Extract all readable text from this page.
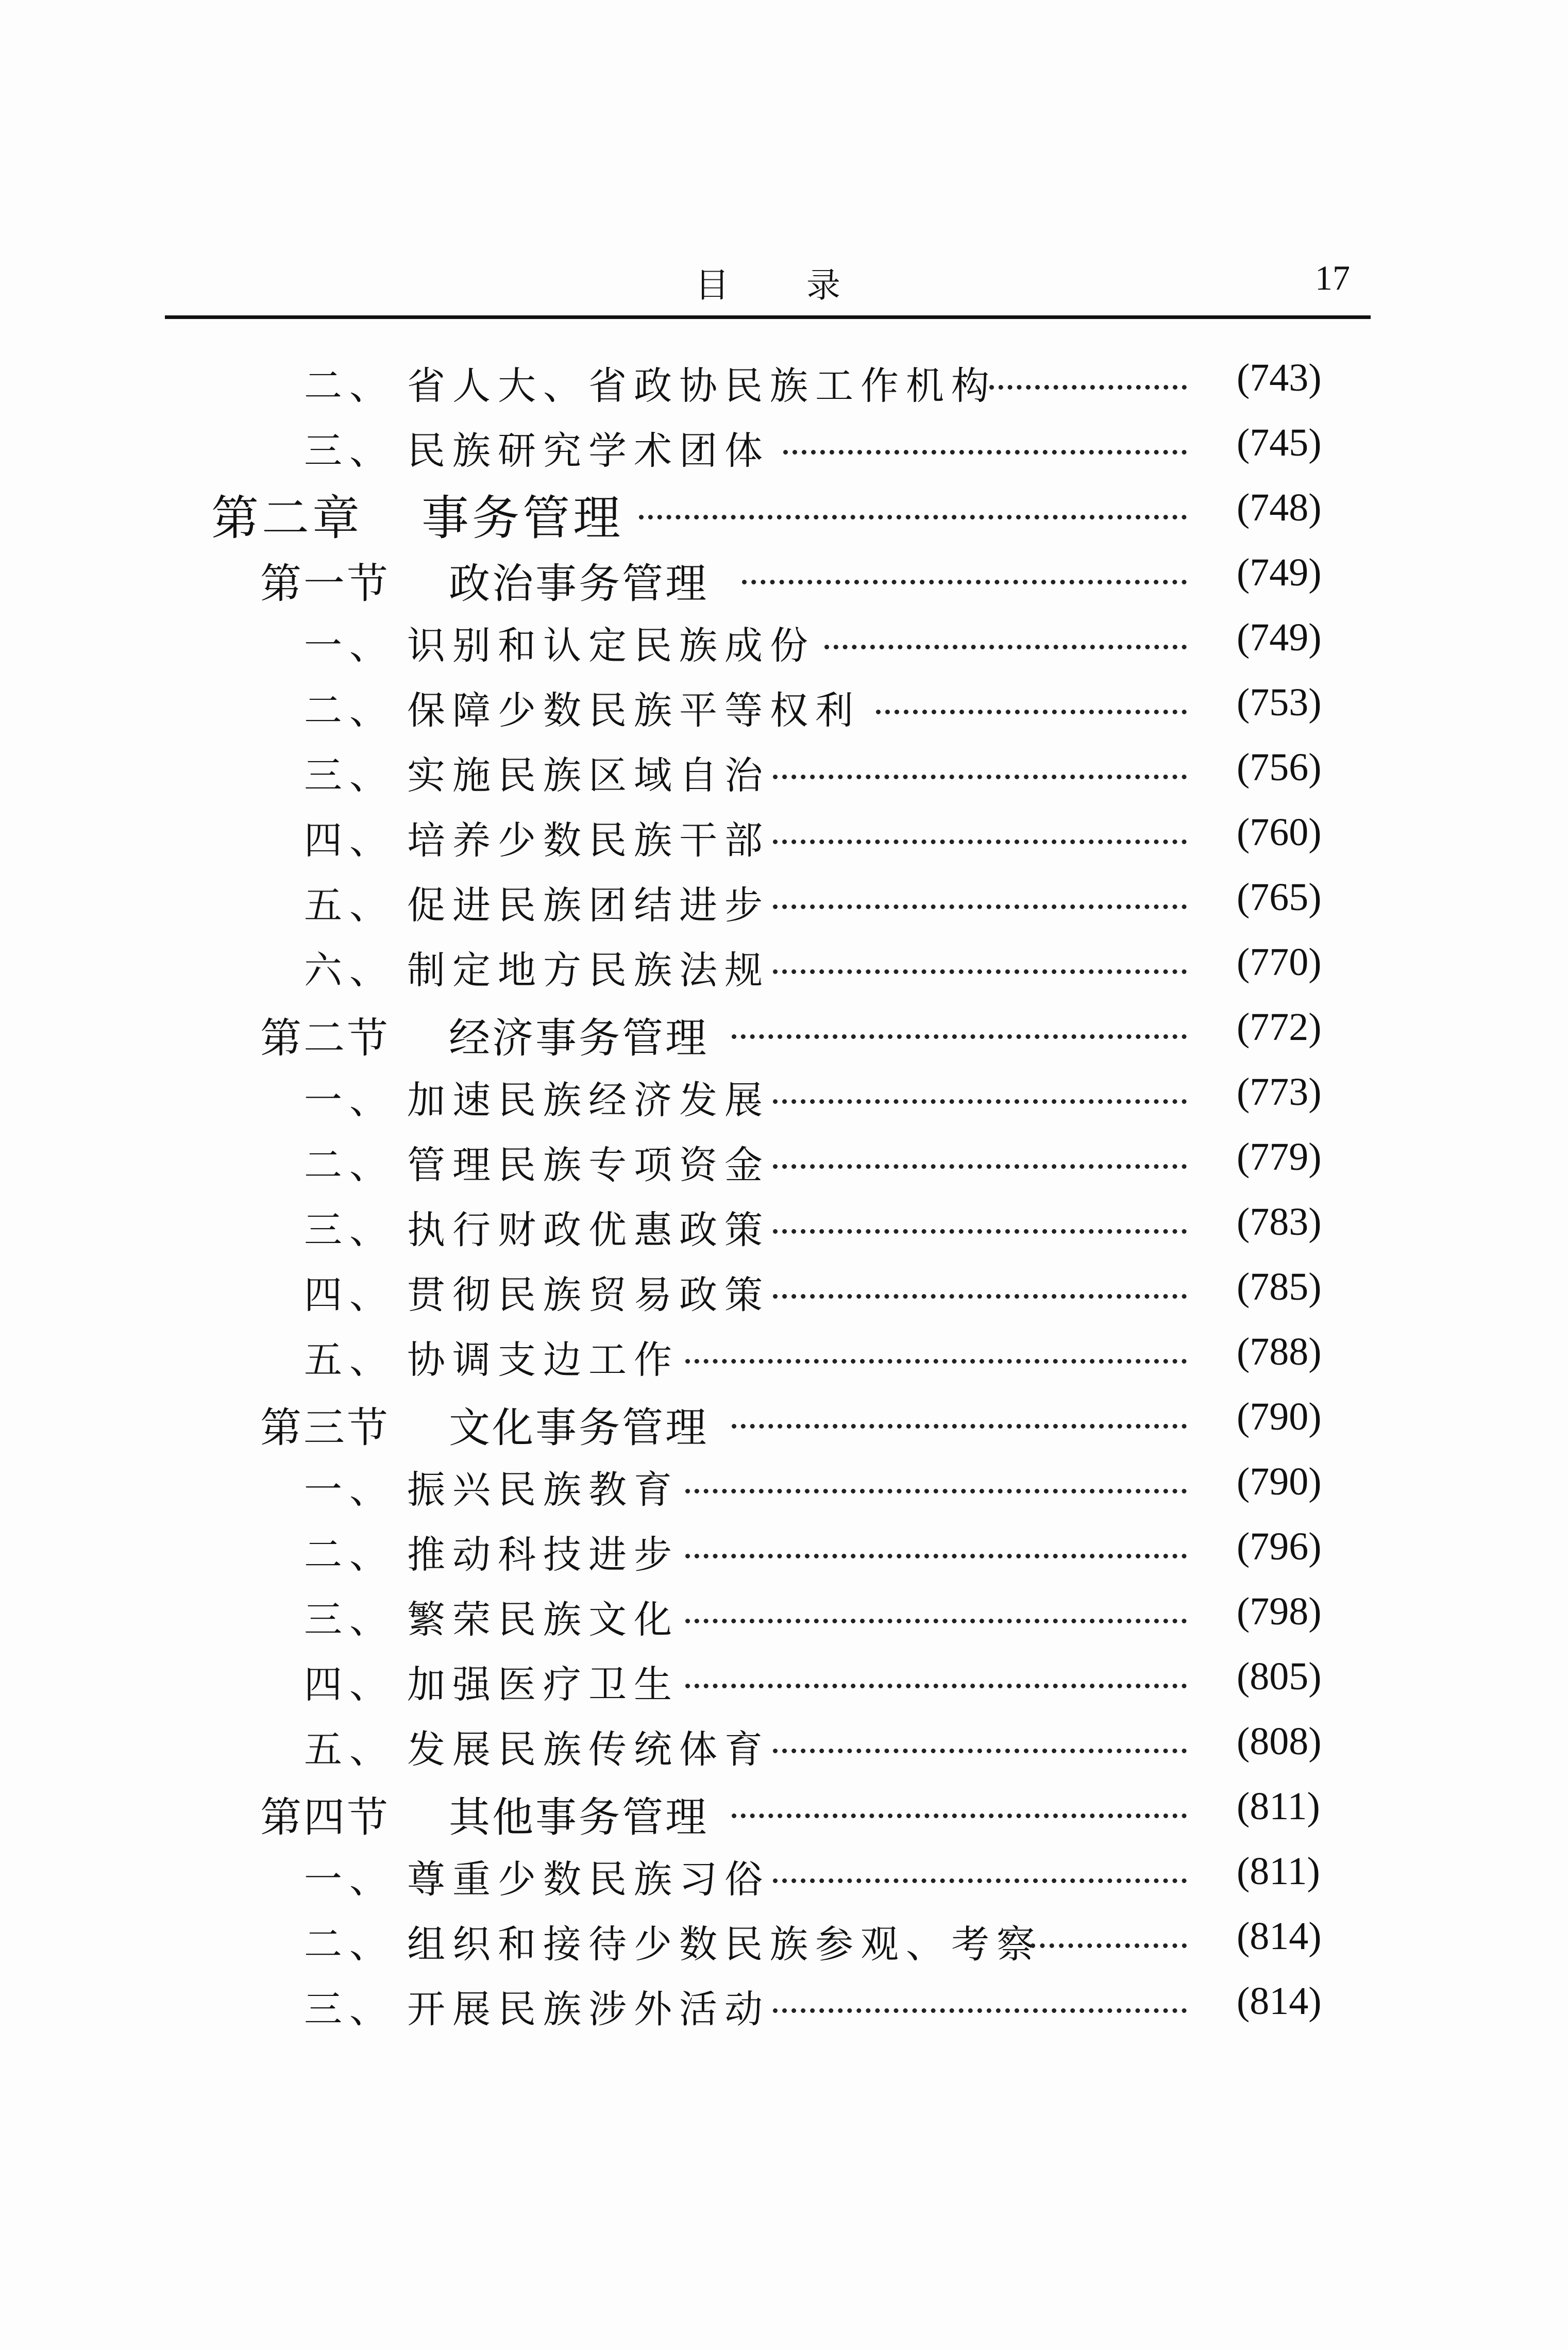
目录	17
二、 省人大、省政协民族工作机构	(743)
三、 民族研究学术团体	(745)
第二章 事务管理	(748)
第一节 政治事务管理	(749)
一、 识别和认定民族成份	(749)
二、 保障少数民族平等权利	(753)
三、 实施民族区域自治	(756)
四、 培养少数民族干部	(760)
五、 促进民族团结进步	(765)
六、 制定地方民族法规	(770)
第二节 经济事务管理	(772)
一、 加速民族经济发展	(773)
二、 管理民族专项资金	(779)
三、 执行财政优惠政策	(783)
四、 贯彻民族贸易政策	(785)
五、 协调支边工作	(788)
第三节 文化事务管理	(790)
一、 振兴民族教育	(790)
二、 推动科技进步	(796)
三、 繁荣民族文化	(798)
四、 加强医疗卫生	(805)
五、 发展民族传统体育	(808)
第四节 其他事务管理	(811)
一、 尊重少数民族习俗	(811)
二、 组织和接待少数民族参观、考察	(814)
三、 开展民族涉外活动	(814)
